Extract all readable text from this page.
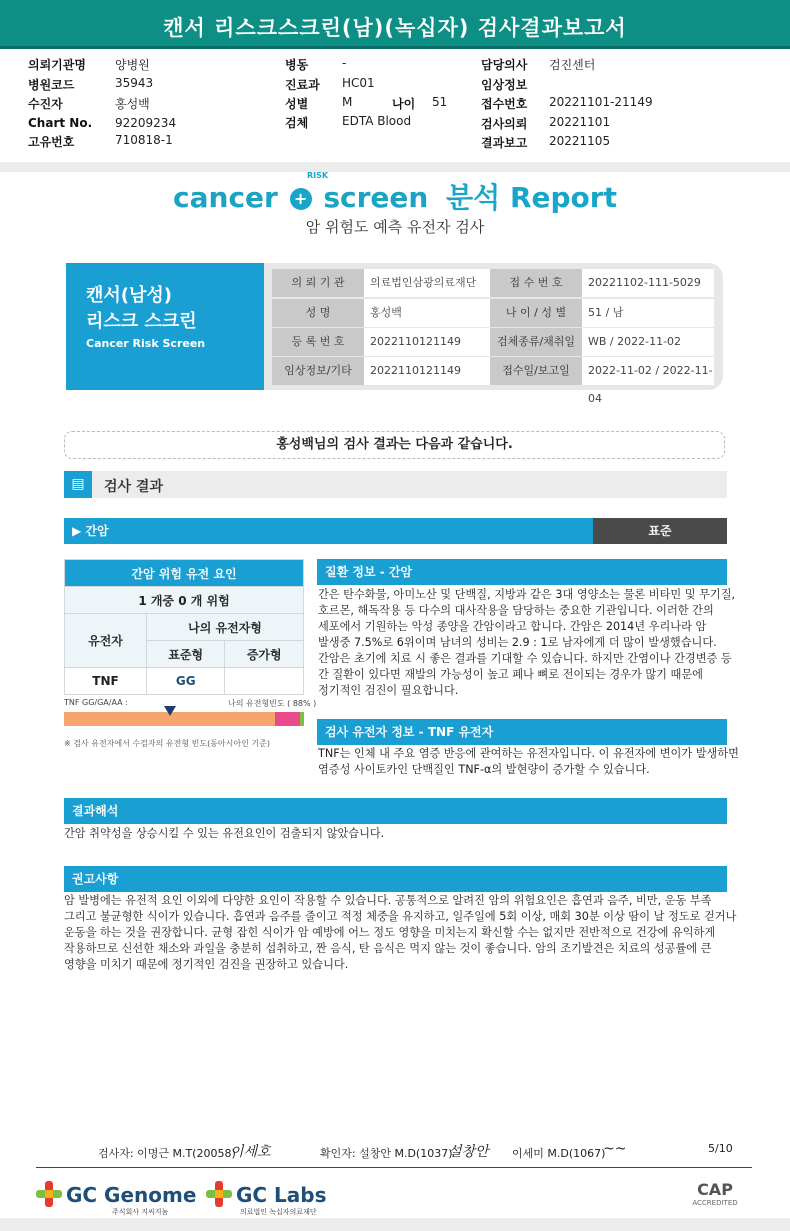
캔서 리스크스크린(남)(녹십자) 검사결과보고서
의뢰기관명 양병원
병원코드	35943
수진자	홍성백
Chart No. 92209234
고유번호	710818-1
병동	-
진료과 HC01
성별	M	나이 51
검체	EDTA Blood
담당의사 검진센터
임상정보
접수번호 20221101-21149
검사의뢰 20221101
결과보고 20221105
RISK
cancer + screen 분석 Report
암 위험도 예측 유전자 검사
캔서(남성)
리스크 스크린
Cancer Risk Screen
의 뢰 기 관	의료법인삼광의료재단	접 수 번 호	20221102-111-5029
성 명	홍성백	나 이 / 성 별	51 / 남
등 록 번 호	2022110121149	검체종류/채취일	WB / 2022-11-02
임상정보/기타	2022110121149	접수일/보고일	2022-11-02 / 2022-11-04
홍성백님의 검사 결과는 다음과 같습니다.
▤	검사 결과
▶ 간암	표준
간암 위험 유전 요인		
1 개중 0 개 위험		
유전자	나의 유전자형	
	표준형	증가형
TNF	GG	
TNF GG/GA/AA :	나의 유전형빈도 ( 88% )
※ 검사 유전자에서 수검자의 유전형 빈도(동아시아인 기준)
질환 정보 - 간암
간은 탄수화물, 아미노산 및 단백질, 지방과 같은 3대 영양소는 물론 비타민 및 무기질,
호르몬, 해독작용 등 다수의 대사작용을 담당하는 중요한 기관입니다. 이러한 간의
세포에서 기원하는 악성 종양을 간암이라고 합니다. 간암은 2014년 우리나라 암
발생중 7.5%로 6위이며 남녀의 성비는 2.9 : 1로 남자에게 더 많이 발생했습니다.
간암은 초기에 치료 시 좋은 결과를 기대할 수 있습니다. 하지만 간염이나 간경변증 등
간 질환이 있다면 재발의 가능성이 높고 폐나 뼈로 전이되는 경우가 많기 때문에
정기적인 검진이 필요합니다.
검사 유전자 정보 - TNF 유전자
TNF는 인체 내 주요 염증 반응에 관여하는 유전자입니다. 이 유전자에 변이가 발생하면
염증성 사이토카인 단백질인 TNF-α의 발현량이 증가할 수 있습니다.
결과해석
간암 취약성을 상승시킬 수 있는 유전요인이 검출되지 않았습니다.
권고사항
암 발병에는 유전적 요인 이외에 다양한 요인이 작용할 수 있습니다. 공통적으로 알려진 암의 위험요인은 흡연과 음주, 비만, 운동 부족
그리고 불균형한 식이가 있습니다. 흡연과 음주를 줄이고 적정 체중을 유지하고, 일주일에 5회 이상, 매회 30분 이상 땀이 날 정도로 걷거나
운동을 하는 것을 권장합니다. 균형 잡힌 식이가 암 예방에 어느 정도 영향을 미치는지 확신할 수는 없지만 전반적으로 건강에 유익하게
작용하므로 신선한 채소와 과일을 충분히 섭취하고, 짠 음식, 탄 음식은 먹지 않는 것이 좋습니다. 암의 조기발견은 치료의 성공률에 큰
영향을 미치기 때문에 정기적인 검진을 권장하고 있습니다.
검사자: 이명근 M.T(20058)
이세호	확인자: 설창안 M.D(1037)
설창안 이세미 M.D(1067)
~~	5/10
GC Genome
주식회사 지씨지놈
GC Labs
의료법인 녹십자의료재단
CAP
ACCREDITED
